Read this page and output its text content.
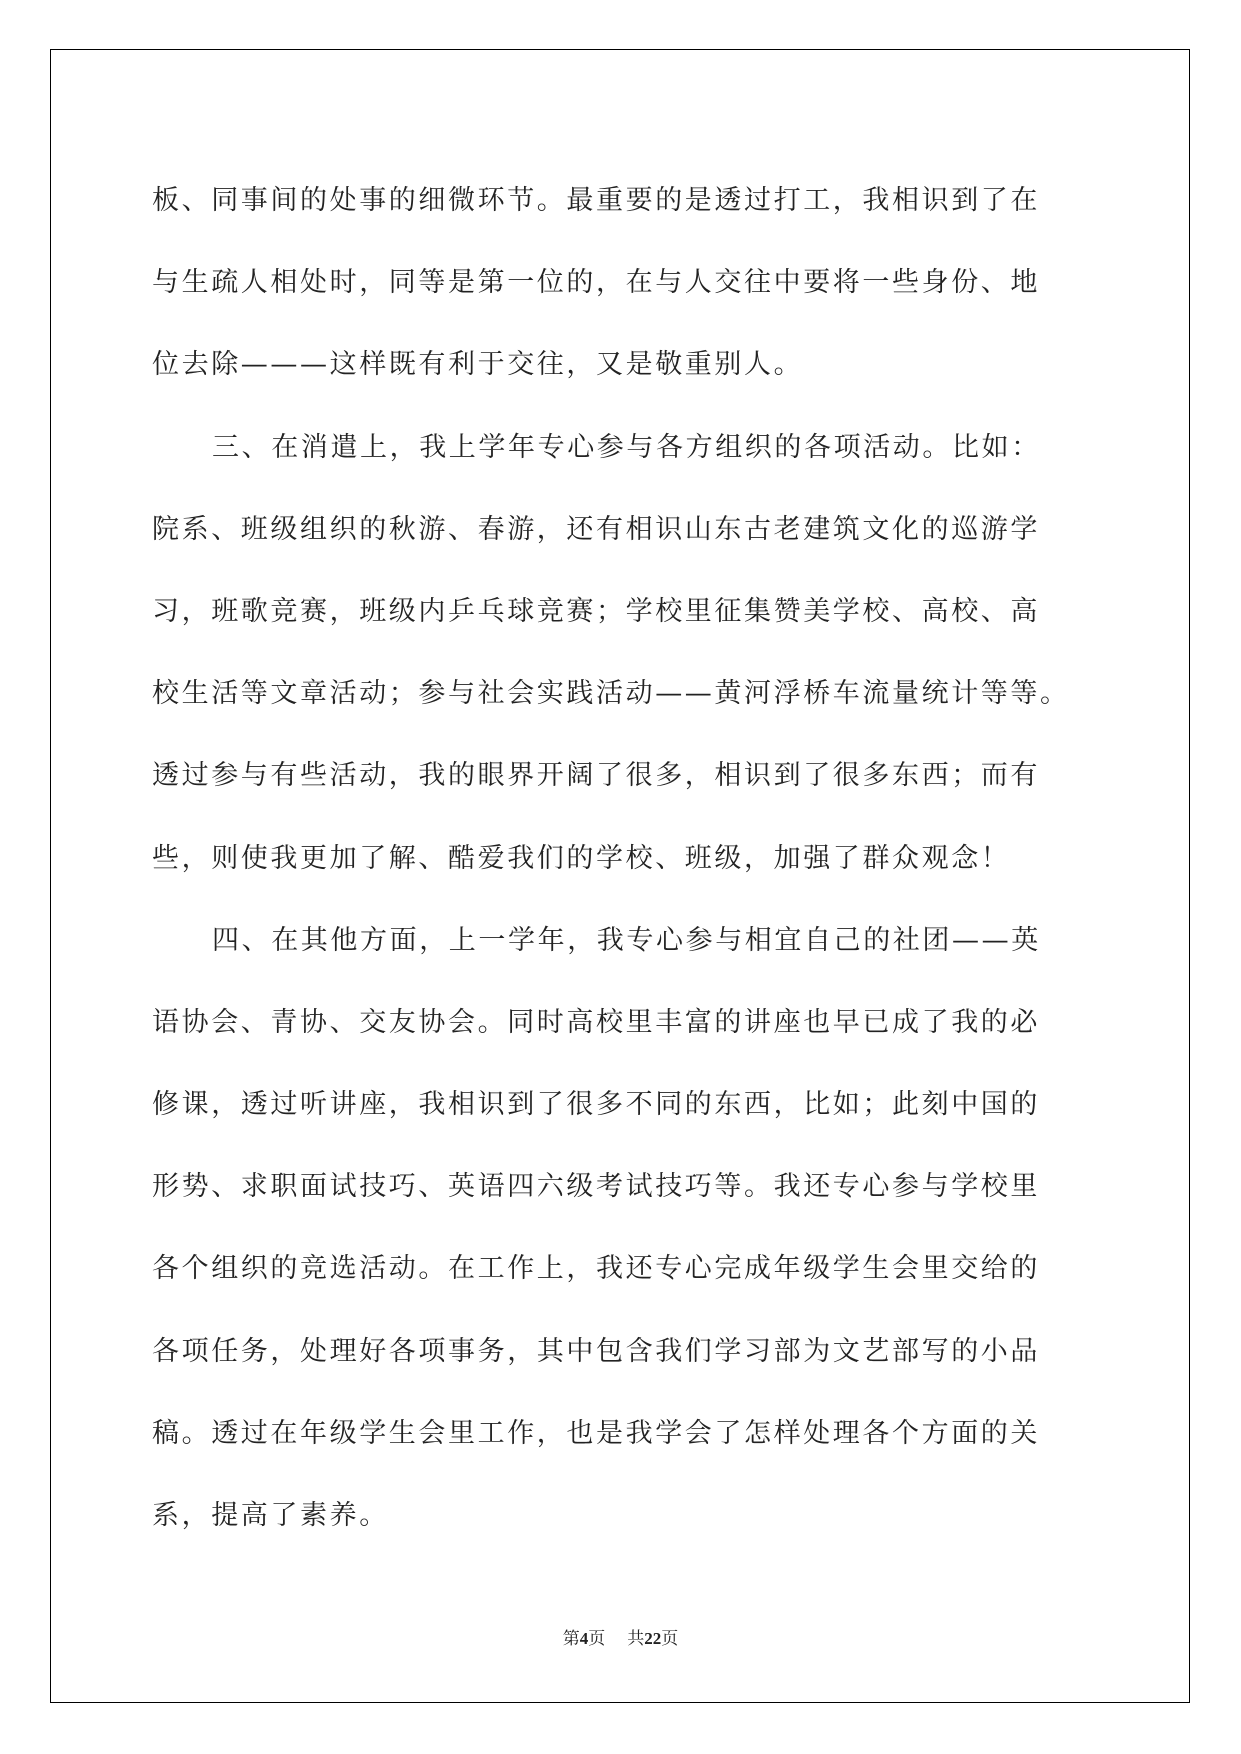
板、同事间的处事的细微环节。最重要的是透过打工，我相识到了在
与生疏人相处时，同等是第一位的，在与人交往中要将一些身份、地
位去除———这样既有利于交往，又是敬重别人。
三、在消遣上，我上学年专心参与各方组织的各项活动。比如：
院系、班级组织的秋游、春游，还有相识山东古老建筑文化的巡游学
习，班歌竞赛，班级内乒乓球竞赛；学校里征集赞美学校、高校、高
校生活等文章活动；参与社会实践活动——黄河浮桥车流量统计等等。
透过参与有些活动，我的眼界开阔了很多，相识到了很多东西；而有
些，则使我更加了解、酷爱我们的学校、班级，加强了群众观念！
四、在其他方面，上一学年，我专心参与相宜自己的社团——英
语协会、青协、交友协会。同时高校里丰富的讲座也早已成了我的必
修课，透过听讲座，我相识到了很多不同的东西，比如；此刻中国的
形势、求职面试技巧、英语四六级考试技巧等。我还专心参与学校里
各个组织的竞选活动。在工作上，我还专心完成年级学生会里交给的
各项任务，处理好各项事务，其中包含我们学习部为文艺部写的小品
稿。透过在年级学生会里工作，也是我学会了怎样处理各个方面的关
系，提高了素养。
第4页 共22页
